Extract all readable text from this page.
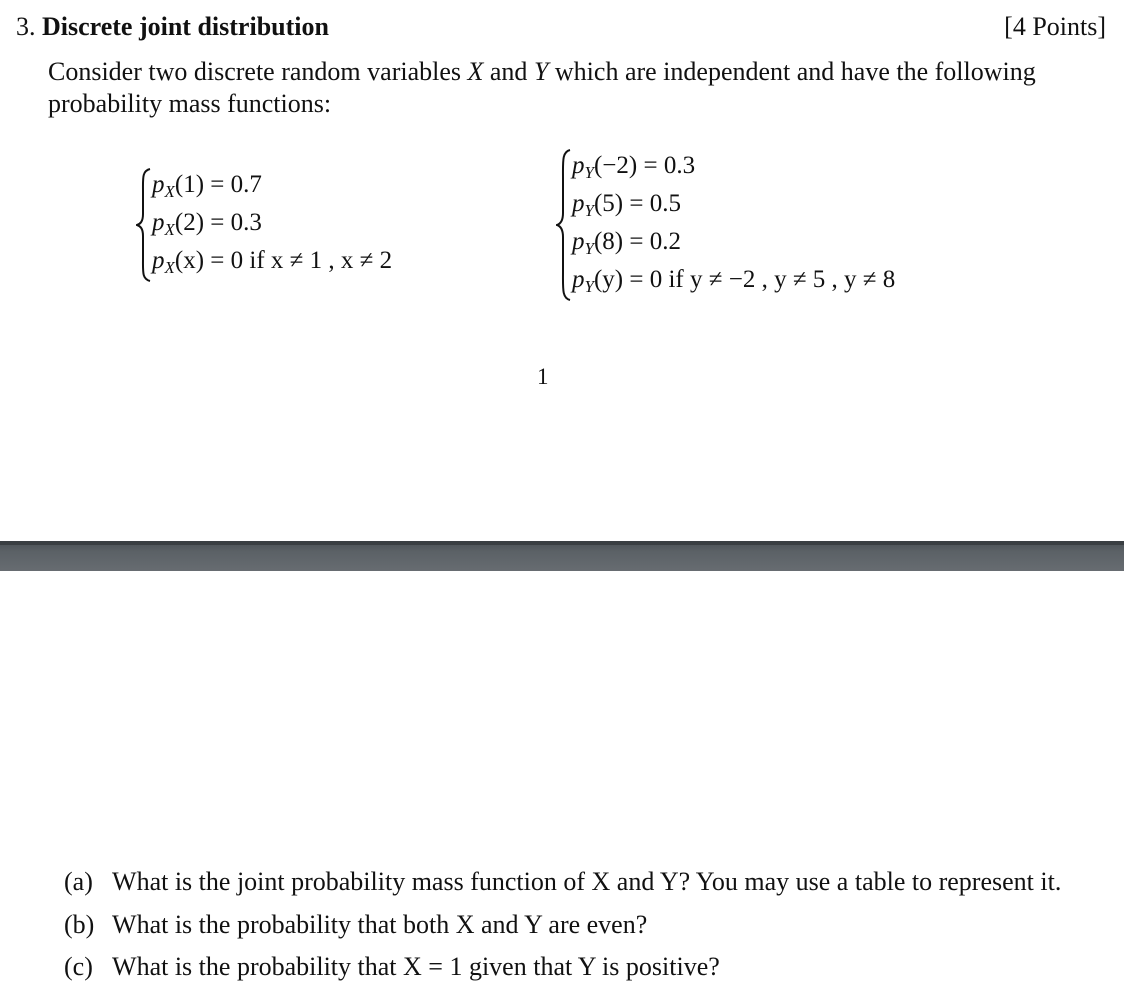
3. Discrete joint distribution	[4 Points]
Consider two discrete random variables X and Y which are independent and have the following
probability mass functions:
$p_X(1) = 0.7$
$p_X(2) = 0.3$
$p_X(x) = 0$ if x ≠ 1 , x ≠ 2
$p_Y(-2) = 0.3$
$p_Y(5) = 0.5$
$p_Y(8) = 0.2$
$p_Y(y) = 0$ if y ≠ −2 , y ≠ 5 , y ≠ 8
1
(a) What is the joint probability mass function of X and Y? You may use a table to represent it.
(b) What is the probability that both X and Y are even?
(c) What is the probability that X = 1 given that Y is positive?
